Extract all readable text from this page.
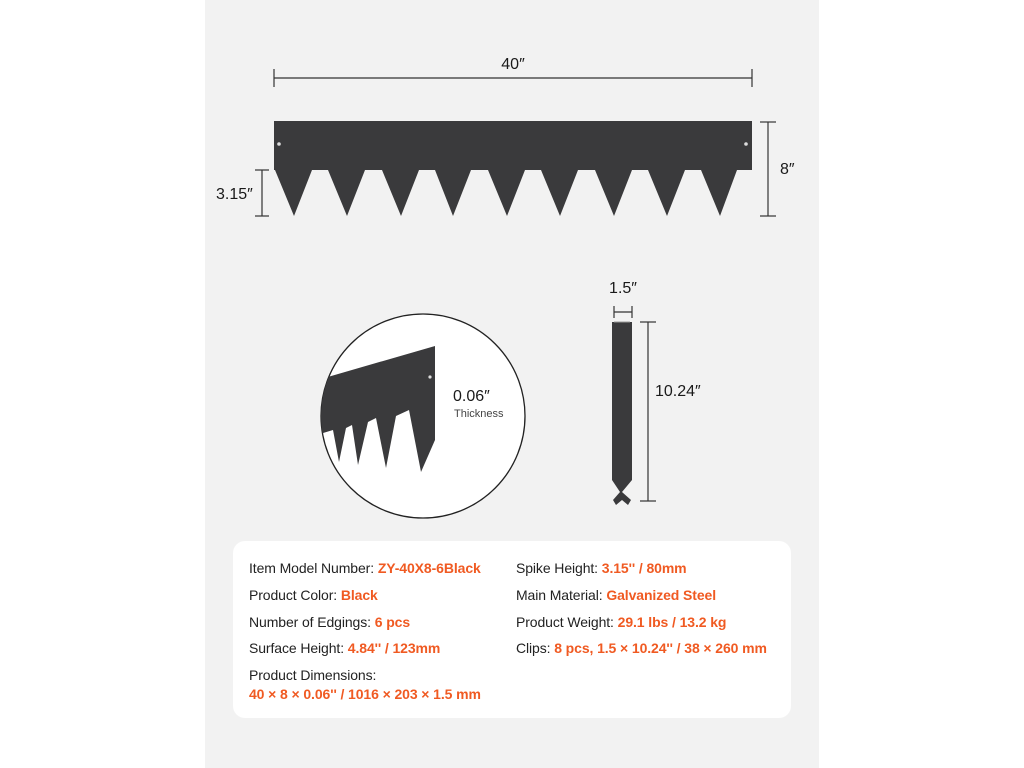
40″
8″
3.15″
0.06″
Thickness
1.5″
10.24″
Item Model Number: ZY-40X8-6Black
Product Color: Black
Number of Edgings: 6 pcs
Surface Height: 4.84'' / 123mm
Product Dimensions:
40 × 8 × 0.06'' / 1016 × 203 × 1.5 mm
Spike Height: 3.15'' / 80mm
Main Material: Galvanized Steel
Product Weight: 29.1 lbs / 13.2 kg
Clips: 8 pcs, 1.5 × 10.24'' / 38 × 260 mm
